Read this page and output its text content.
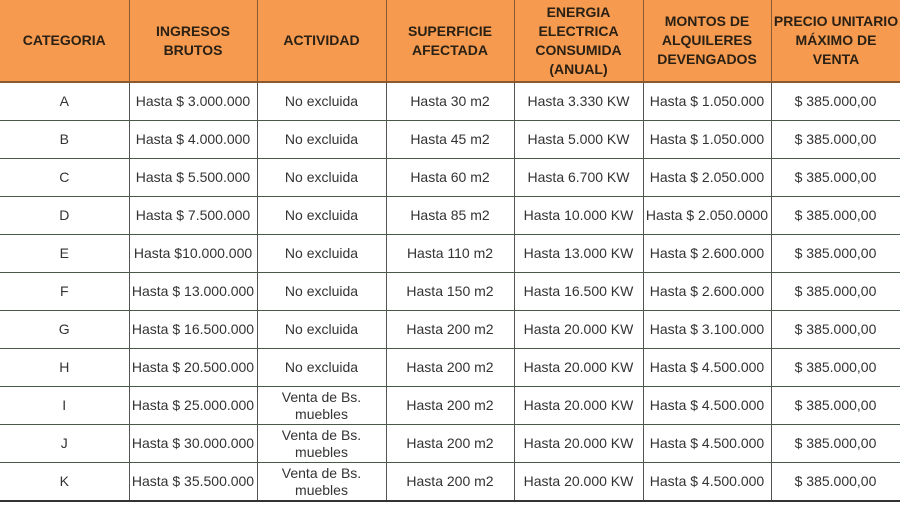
CATEGORIA	INGRESOS BRUTOS	ACTIVIDAD	SUPERFICIE AFECTADA	ENERGIA ELECTRICA CONSUMIDA (ANUAL)	MONTOS DE ALQUILERES DEVENGADOS	PRECIO UNITARIO MÁXIMO DE VENTA

A	Hasta $ 3.000.000	No excluida	Hasta 30 m2	Hasta 3.330 KW	Hasta $ 1.050.000	$ 385.000,00
B	Hasta $ 4.000.000	No excluida	Hasta 45 m2	Hasta 5.000 KW	Hasta $ 1.050.000	$ 385.000,00
C	Hasta $ 5.500.000	No excluida	Hasta 60 m2	Hasta 6.700 KW	Hasta $ 2.050.000	$ 385.000,00
D	Hasta $ 7.500.000	No excluida	Hasta 85 m2	Hasta 10.000 KW	Hasta $ 2.050.0000	$ 385.000,00
E	Hasta $10.000.000	No excluida	Hasta 110 m2	Hasta 13.000 KW	Hasta $ 2.600.000	$ 385.000,00
F	Hasta $ 13.000.000	No excluida	Hasta 150 m2	Hasta 16.500 KW	Hasta $ 2.600.000	$ 385.000,00
G	Hasta $ 16.500.000	No excluida	Hasta 200 m2	Hasta 20.000 KW	Hasta $ 3.100.000	$ 385.000,00
H	Hasta $ 20.500.000	No excluida	Hasta 200 m2	Hasta 20.000 KW	Hasta $ 4.500.000	$ 385.000,00
I	Hasta $ 25.000.000	Venta de Bs. muebles	Hasta 200 m2	Hasta 20.000 KW	Hasta $ 4.500.000	$ 385.000,00
J	Hasta $ 30.000.000	Venta de Bs. muebles	Hasta 200 m2	Hasta 20.000 KW	Hasta $ 4.500.000	$ 385.000,00
K	Hasta $ 35.500.000	Venta de Bs. muebles	Hasta 200 m2	Hasta 20.000 KW	Hasta $ 4.500.000	$ 385.000,00
